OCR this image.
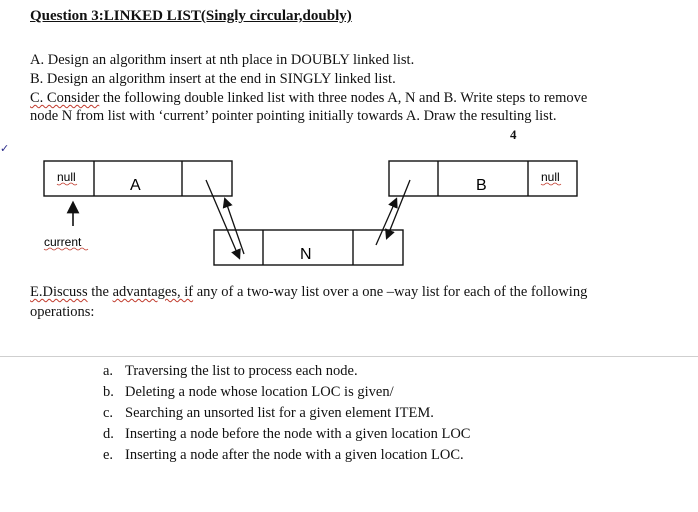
Question 3:LINKED LIST(Singly circular,doubly)
A. Design an algorithm insert at nth place in DOUBLY linked list.
B. Design an algorithm insert at the end in SINGLY linked list.
C. Consider the following double linked list with three nodes A, N and B. Write steps to remove
node N from list with ‘current’ pointer pointing initially towards A. Draw the resulting list.
4
✓
null	A
N
B	null
current
E.Discuss the advantages, if any of a two-way list over a one –way list for each of the following
operations:
a. Traversing the list to process each node.
b. Deleting a node whose location LOC is given/
c. Searching an unsorted list for a given element ITEM.
d. Inserting a node before the node with a given location LOC
e. Inserting a node after the node with a given location LOC.
